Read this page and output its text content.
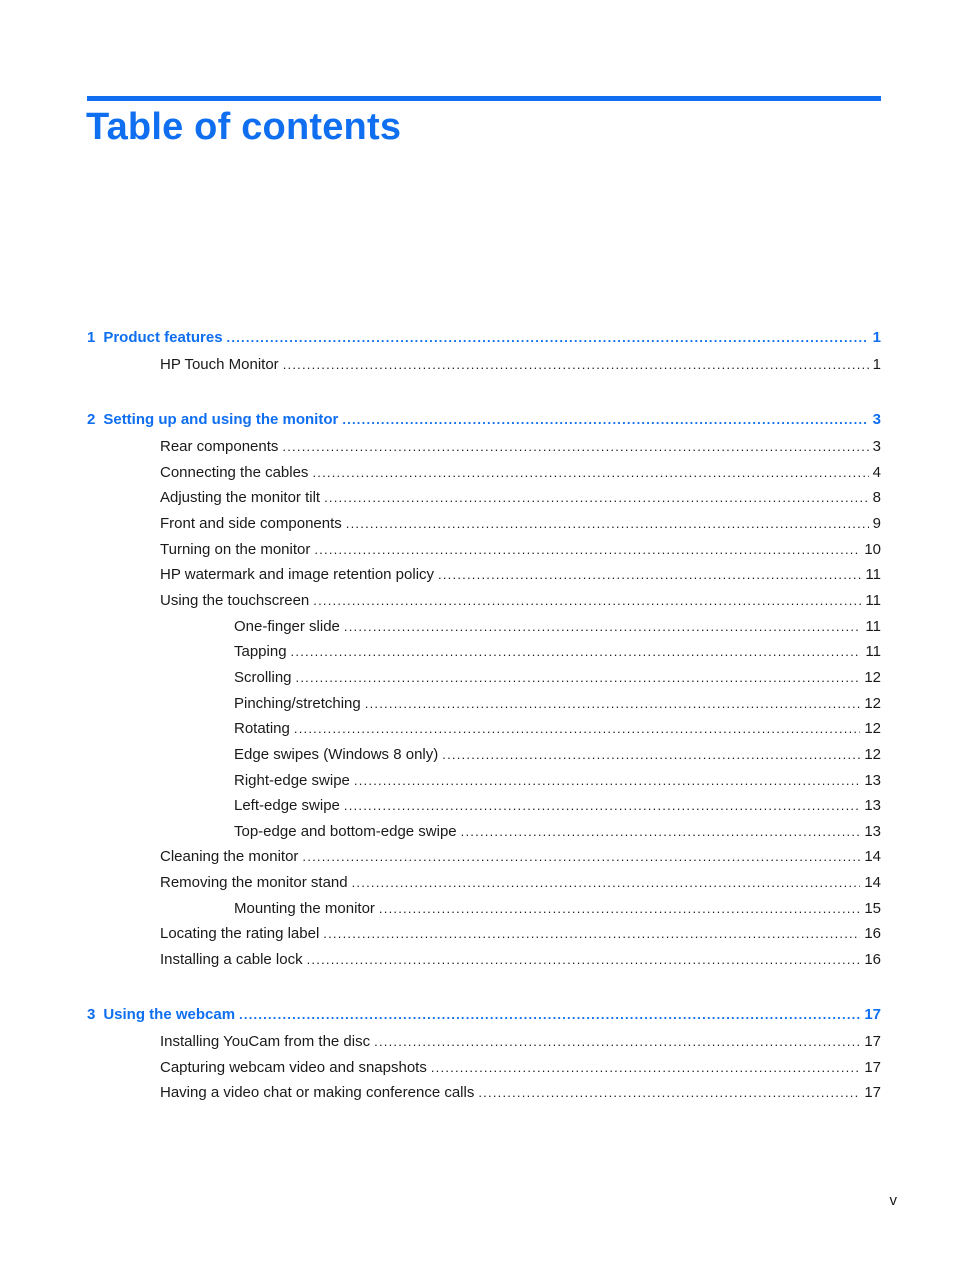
Table of contents
1 Product features . . .	1
HP Touch Monitor . . .	1
2 Setting up and using the monitor . . .	3
Rear components . . .	3
Connecting the cables . . .	4
Adjusting the monitor tilt . . .	8
Front and side components . . .	9
Turning on the monitor . . .	10
HP watermark and image retention policy . . .	11
Using the touchscreen . . .	11
One-finger slide . . .	11
Tapping . . .	11
Scrolling . . .	12
Pinching/stretching . . .	12
Rotating . . .	12
Edge swipes (Windows 8 only) . . .	12
Right-edge swipe . . .	13
Left-edge swipe . . .	13
Top-edge and bottom-edge swipe . . .	13
Cleaning the monitor . . .	14
Removing the monitor stand . . .	14
Mounting the monitor . . .	15
Locating the rating label . . .	16
Installing a cable lock . . .	16
3 Using the webcam . . .	17
Installing YouCam from the disc . . .	17
Capturing webcam video and snapshots . . .	17
Having a video chat or making conference calls . . .	17
v
